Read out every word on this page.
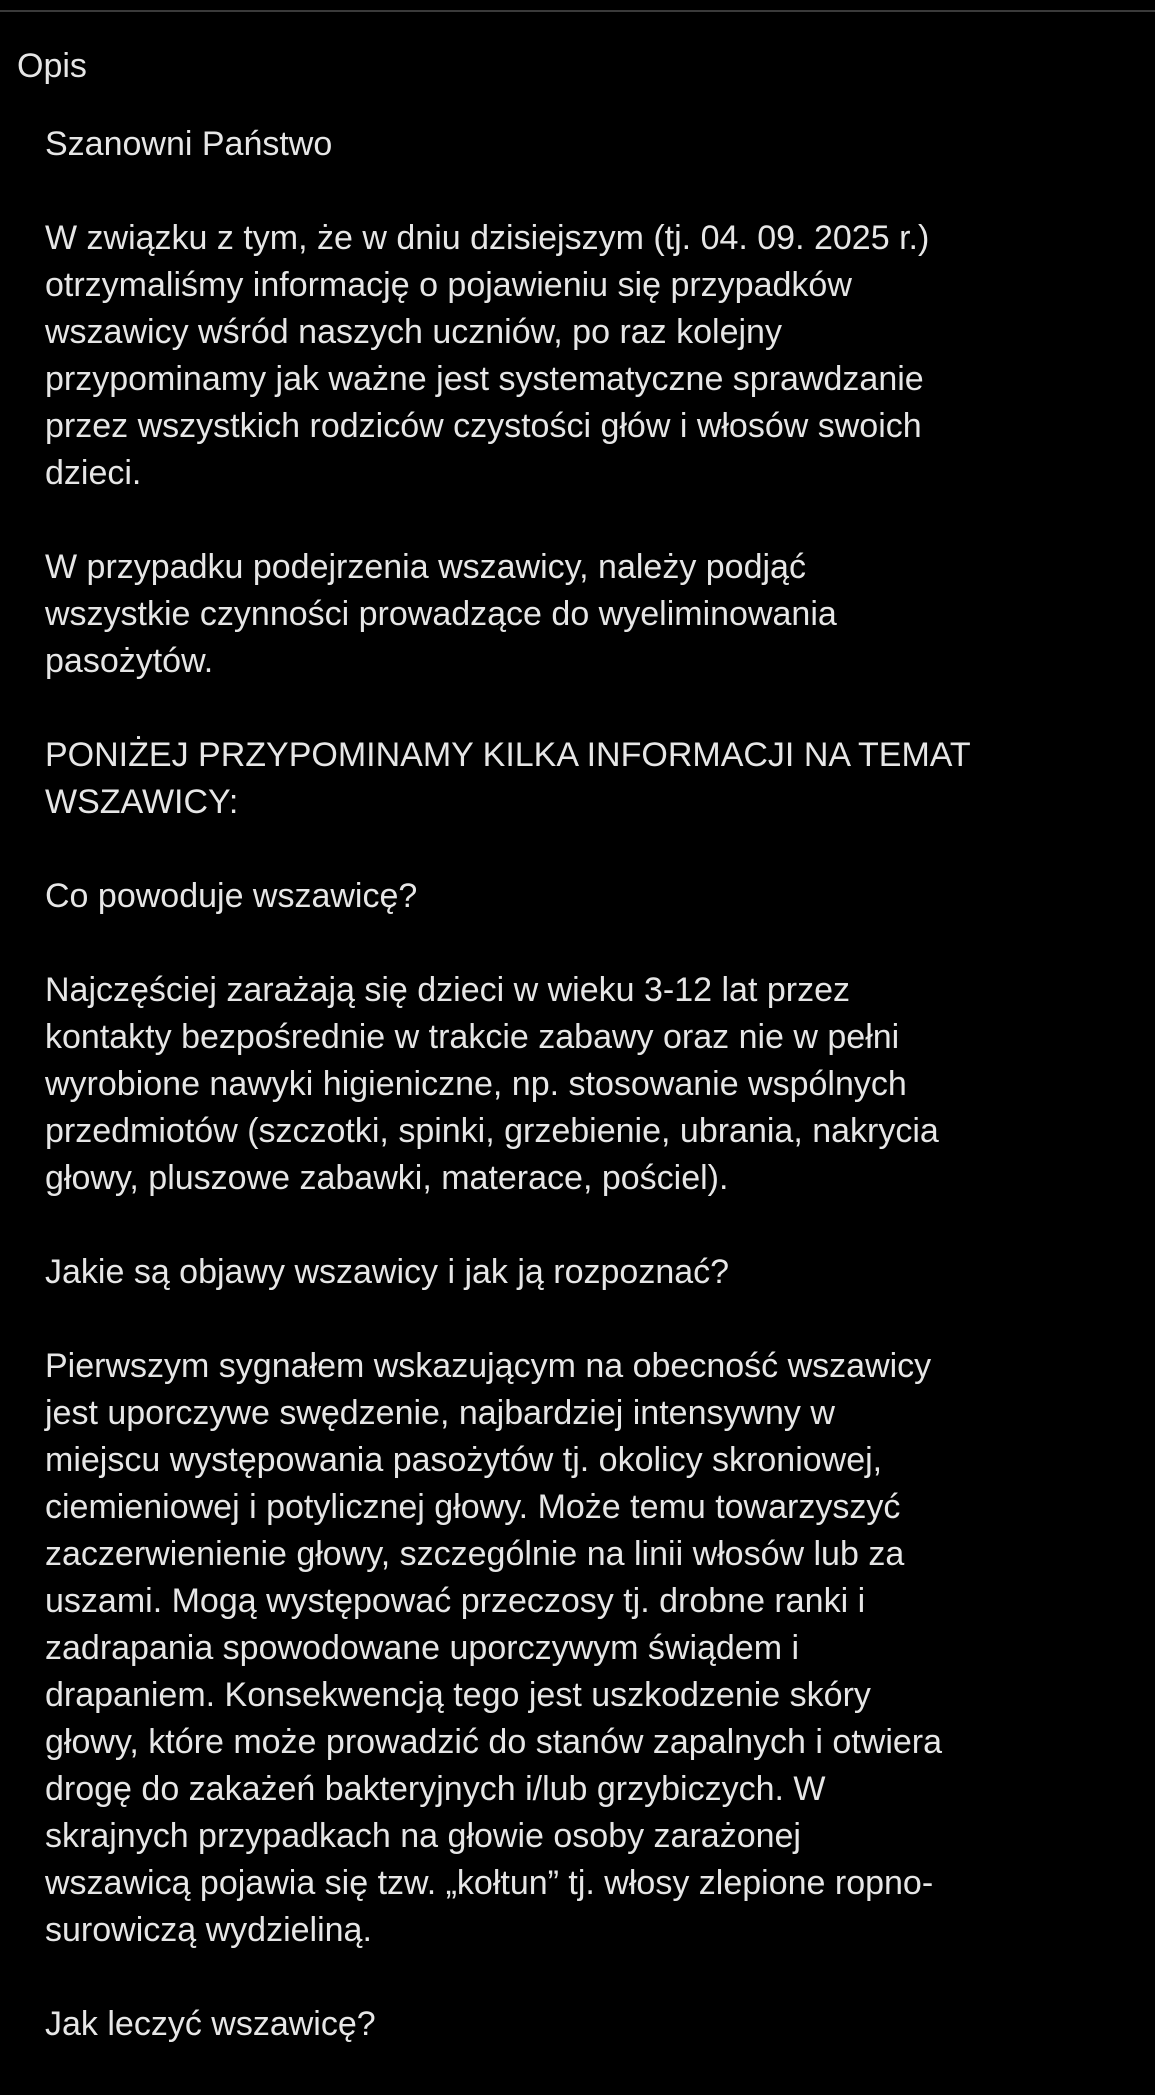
Opis

Szanowni Państwo

W związku z tym, że w dniu dzisiejszym (tj. 04. 09. 2025 r.)
otrzymaliśmy informację o pojawieniu się przypadków
wszawicy wśród naszych uczniów, po raz kolejny
przypominamy jak ważne jest systematyczne sprawdzanie
przez wszystkich rodziców czystości głów i włosów swoich
dzieci.

W przypadku podejrzenia wszawicy, należy podjąć
wszystkie czynności prowadzące do wyeliminowania
pasożytów.

PONIŻEJ PRZYPOMINAMY KILKA INFORMACJI NA TEMAT
WSZAWICY:

Co powoduje wszawicę?

Najczęściej zarażają się dzieci w wieku 3-12 lat przez
kontakty bezpośrednie w trakcie zabawy oraz nie w pełni
wyrobione nawyki higieniczne, np. stosowanie wspólnych
przedmiotów (szczotki, spinki, grzebienie, ubrania, nakrycia
głowy, pluszowe zabawki, materace, pościel).

Jakie są objawy wszawicy i jak ją rozpoznać?

Pierwszym sygnałem wskazującym na obecność wszawicy
jest uporczywe swędzenie, najbardziej intensywny w
miejscu występowania pasożytów tj. okolicy skroniowej,
ciemieniowej i potylicznej głowy. Może temu towarzyszyć
zaczerwienienie głowy, szczególnie na linii włosów lub za
uszami. Mogą występować przeczosy tj. drobne ranki i
zadrapania spowodowane uporczywym świądem i
drapaniem. Konsekwencją tego jest uszkodzenie skóry
głowy, które może prowadzić do stanów zapalnych i otwiera
drogę do zakażeń bakteryjnych i/lub grzybiczych. W
skrajnych przypadkach na głowie osoby zarażonej
wszawicą pojawia się tzw. „kołtun” tj. włosy zlepione ropno-
surowiczą wydzieliną.

Jak leczyć wszawicę?
